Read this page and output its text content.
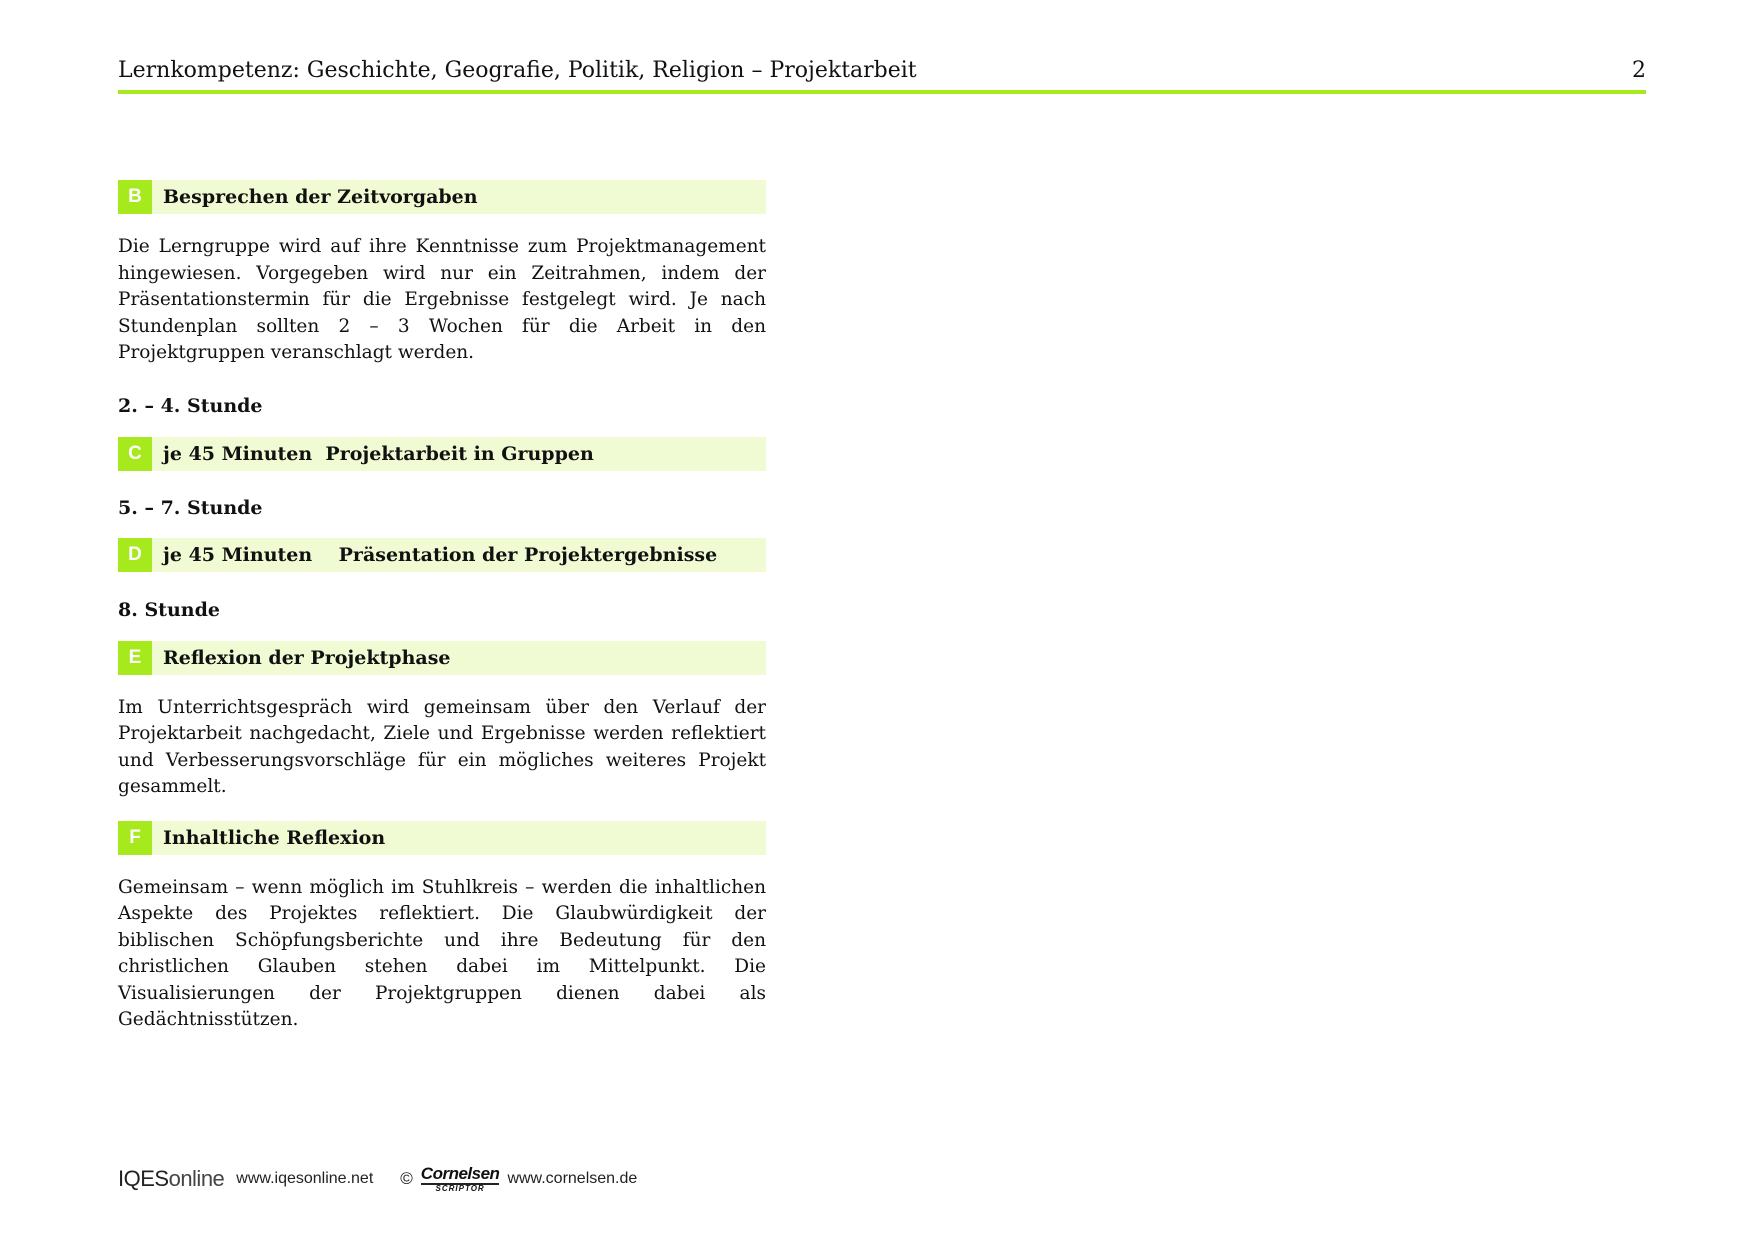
Lernkompetenz: Geschichte, Geografie, Politik, Religion – Projektarbeit	2
B	Besprechen der Zeitvorgaben

Die Lerngruppe wird auf ihre Kenntnisse zum Projektmanagement hingewiesen. Vorgegeben wird nur ein Zeitrahmen, indem der Präsentationstermin für die Ergebnisse festgelegt wird. Je nach Stundenplan sollten 2 – 3 Wochen für die Arbeit in den Projektgruppen veranschlagt werden.

2. – 4. Stunde

C	je 45 Minuten  Projektarbeit in Gruppen

5. – 7. Stunde

D	je 45 Minuten    Präsentation der Projektergebnisse

8. Stunde

E	Reflexion der Projektphase

Im Unterrichtsgespräch wird gemeinsam über den Verlauf der Projektarbeit nachgedacht, Ziele und Ergebnisse werden reflektiert und Verbesserungsvorschläge für ein mögliches weiteres Projekt gesammelt.

F	Inhaltliche Reflexion

Gemeinsam – wenn möglich im Stuhlkreis – werden die inhaltlichen Aspekte des Projektes reflektiert. Die Glaubwürdigkeit der biblischen Schöpfungsberichte und ihre Bedeutung für den christlichen Glauben stehen dabei im Mittelpunkt. Die Visualisierungen der Projektgruppen dienen dabei als Gedächtnisstützen.

IQESonline www.iqesonline.net © Cornelsen
SCRIPTOR
www.cornelsen.de
